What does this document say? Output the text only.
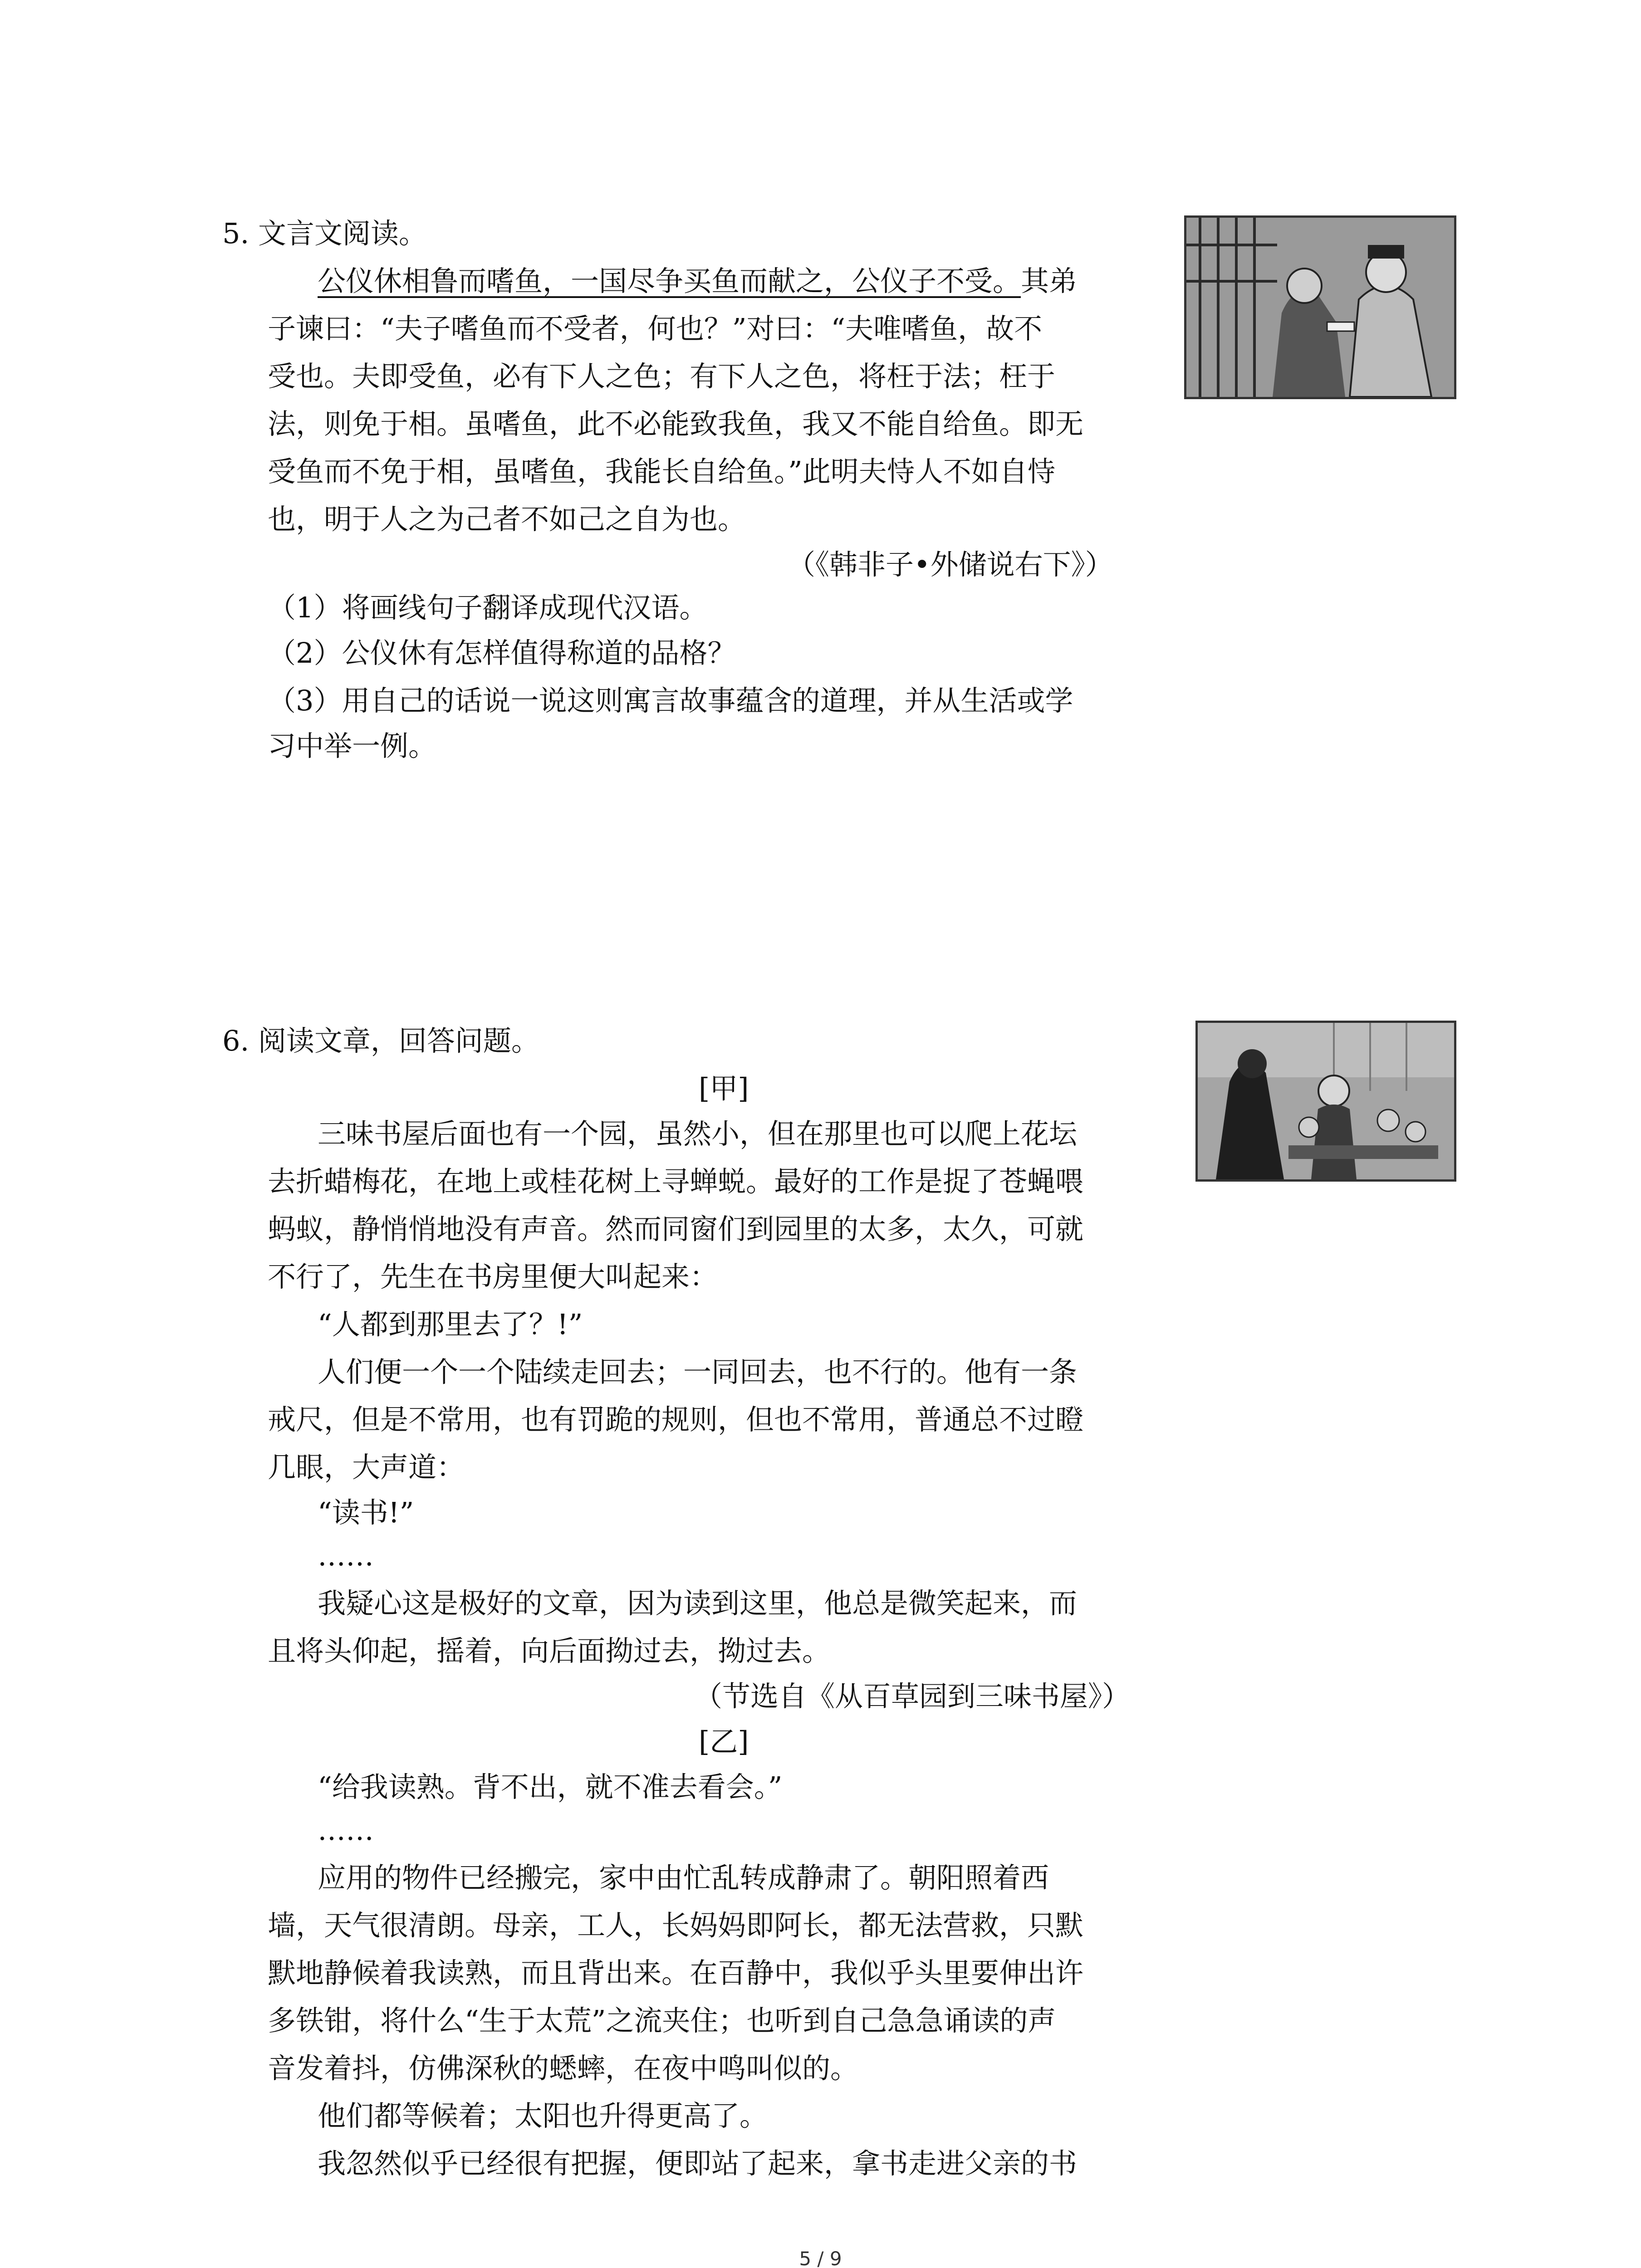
5. 文言文阅读。
公仪休相鲁而嗜鱼，一国尽争买鱼而献之，公仪子不受。其弟
子谏曰：“夫子嗜鱼而不受者，何也？”对曰：“夫唯嗜鱼，故不
受也。夫即受鱼，必有下人之色；有下人之色，将枉于法；枉于
法，则免于相。虽嗜鱼，此不必能致我鱼，我又不能自给鱼。即无
受鱼而不免于相，虽嗜鱼，我能长自给鱼。”此明夫恃人不如自恃
也，明于人之为己者不如己之自为也。
（《韩非子•外储说右下》）
（1）将画线句子翻译成现代汉语。
（2）公仪休有怎样值得称道的品格？
（3）用自己的话说一说这则寓言故事蕴含的道理，并从生活或学
习中举一例。
6. 阅读文章，回答问题。
[甲]
三味书屋后面也有一个园，虽然小，但在那里也可以爬上花坛
去折蜡梅花，在地上或桂花树上寻蝉蜕。最好的工作是捉了苍蝇喂
蚂蚁，静悄悄地没有声音。然而同窗们到园里的太多，太久，可就
不行了，先生在书房里便大叫起来：
“人都到那里去了？!”
人们便一个一个陆续走回去；一同回去，也不行的。他有一条
戒尺，但是不常用，也有罚跪的规则，但也不常用，普通总不过瞪
几眼，大声道：
“读书!”
……
我疑心这是极好的文章，因为读到这里，他总是微笑起来，而
且将头仰起，摇着，向后面拗过去，拗过去。
（节选自《从百草园到三味书屋》）
[乙]
“给我读熟。背不出，就不准去看会。”
……
应用的物件已经搬完，家中由忙乱转成静肃了。朝阳照着西
墙，天气很清朗。母亲，工人，长妈妈即阿长，都无法营救，只默
默地静候着我读熟，而且背出来。在百静中，我似乎头里要伸出许
多铁钳，将什么“生于太荒”之流夹住；也听到自己急急诵读的声
音发着抖，仿佛深秋的蟋蟀，在夜中鸣叫似的。
他们都等候着；太阳也升得更高了。
我忽然似乎已经很有把握，便即站了起来，拿书走进父亲的书
5 / 9
